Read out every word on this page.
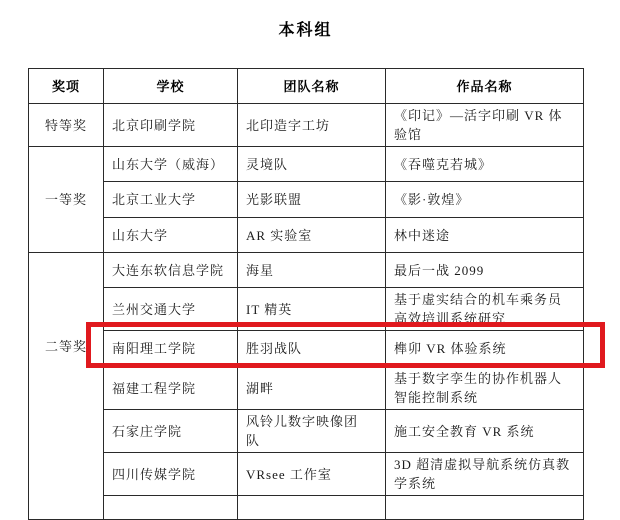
本科组
奖项	学校	团队名称	作品名称
特等奖	北京印刷学院	北印造字工坊	《印记》—活字印刷 VR 体验馆
一等奖	山东大学（威海）	灵境队	《吞噬克若城》
	北京工业大学	光影联盟	《影·敦煌》
	山东大学	AR 实验室	林中迷途
二等奖	大连东软信息学院	海星	最后一战 2099
	兰州交通大学	IT 精英	基于虚实结合的机车乘务员高效培训系统研究
	南阳理工学院	胜羽战队	榫卯 VR 体验系统
	福建工程学院	湖畔	基于数字孪生的协作机器人智能控制系统
	石家庄学院	风铃儿数字映像团队	施工安全教育 VR 系统
	四川传媒学院	VRsee 工作室	3D 超清虚拟导航系统仿真教学系统
